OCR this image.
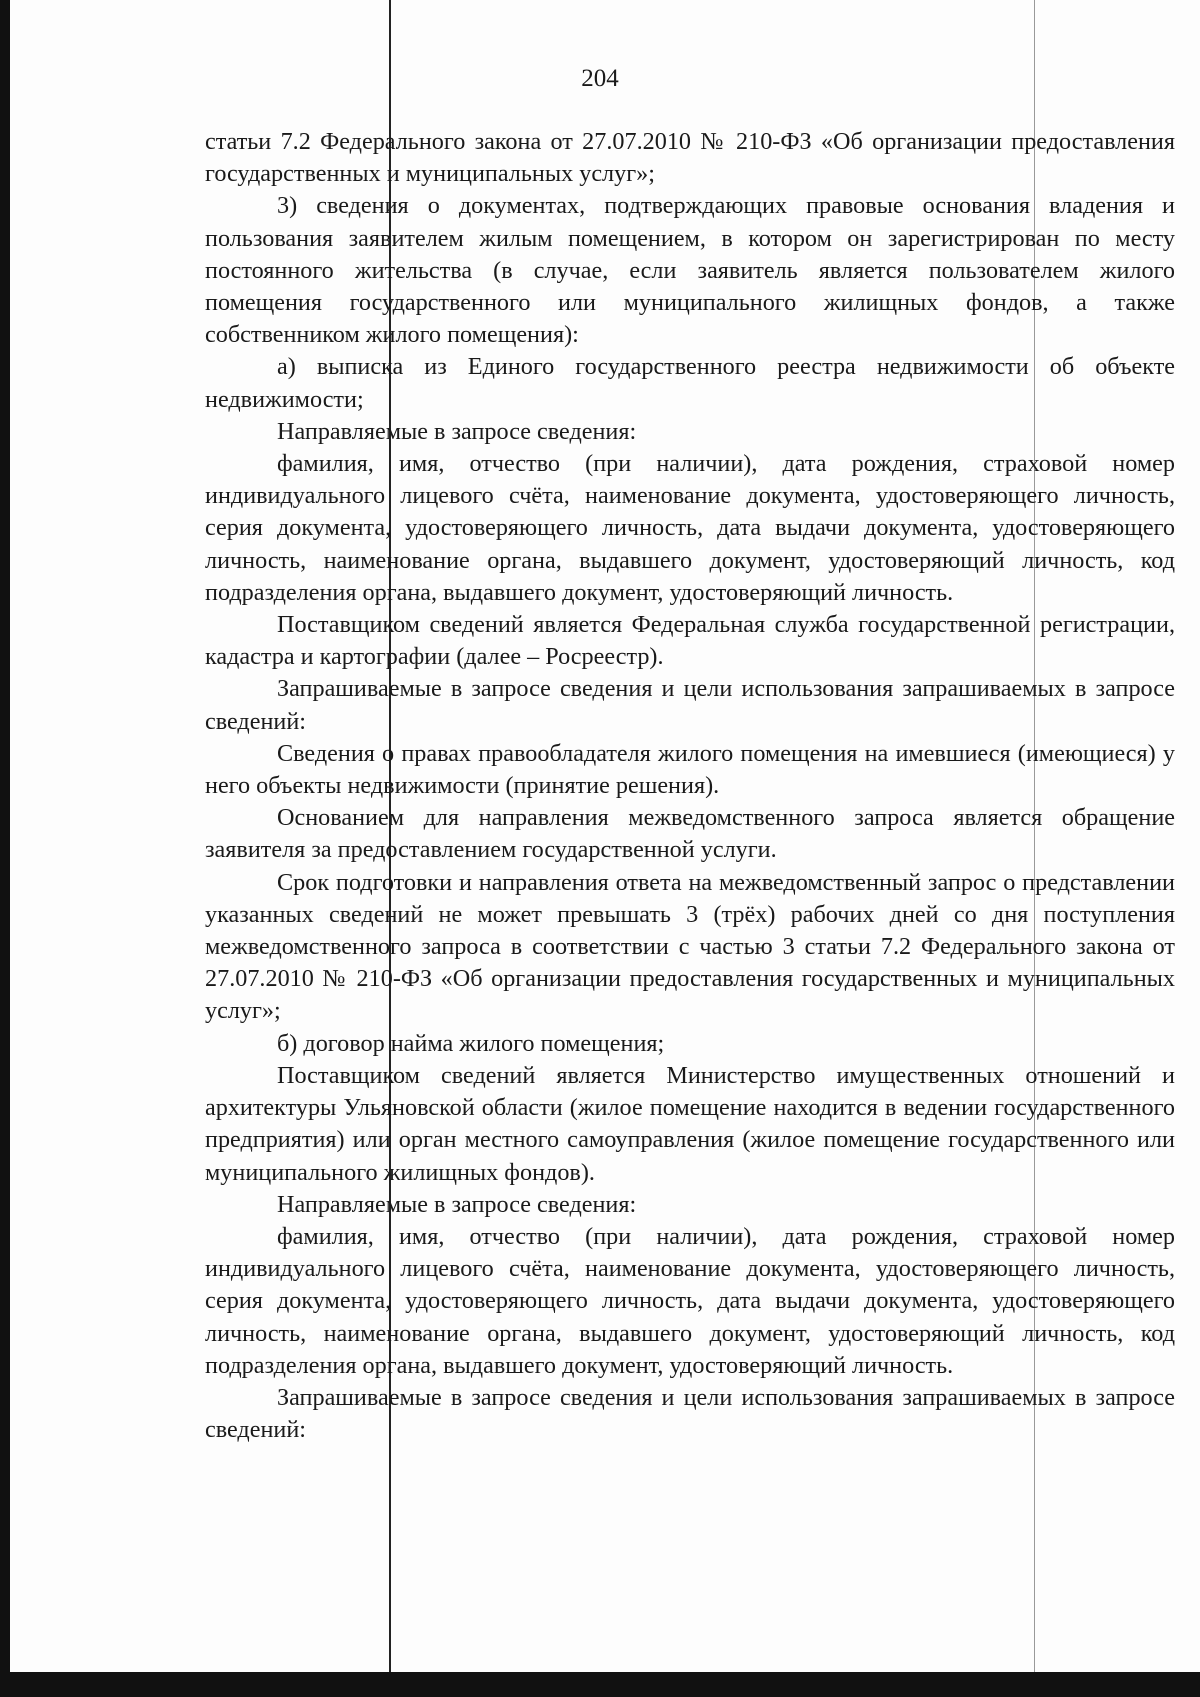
204

статьи 7.2 Федерального закона от 27.07.2010 № 210-ФЗ «Об организации предоставления государственных и муниципальных услуг»;

3) сведения о документах, подтверждающих правовые основания владения и пользования заявителем жилым помещением, в котором он зарегистрирован по месту постоянного жительства (в случае, если заявитель является пользователем жилого помещения государственного или муниципального жилищных фондов, а также собственником жилого помещения):

а) выписка из Единого государственного реестра недвижимости об объекте недвижимости;

Направляемые в запросе сведения:

фамилия, имя, отчество (при наличии), дата рождения, страховой номер индивидуального лицевого счёта, наименование документа, удостоверяющего личность, серия документа, удостоверяющего личность, дата выдачи документа, удостоверяющего личность, наименование органа, выдавшего документ, удостоверяющий личность, код подразделения органа, выдавшего документ, удостоверяющий личность.

Поставщиком сведений является Федеральная служба государственной регистрации, кадастра и картографии (далее – Росреестр).

Запрашиваемые в запросе сведения и цели использования запрашиваемых в запросе сведений:

Сведения о правах правообладателя жилого помещения на имевшиеся (имеющиеся) у него объекты недвижимости (принятие решения).

Основанием для направления межведомственного запроса является обращение заявителя за предоставлением государственной услуги.

Срок подготовки и направления ответа на межведомственный запрос о представлении указанных сведений не может превышать 3 (трёх) рабочих дней со дня поступления межведомственного запроса в соответствии с частью 3 статьи 7.2 Федерального закона от 27.07.2010 № 210-ФЗ «Об организации предоставления государственных и муниципальных услуг»;

б) договор найма жилого помещения;

Поставщиком сведений является Министерство имущественных отношений и архитектуры Ульяновской области (жилое помещение находится в ведении государственного предприятия) или орган местного самоуправления (жилое помещение государственного или муниципального жилищных фондов).

Направляемые в запросе сведения:

фамилия, имя, отчество (при наличии), дата рождения, страховой номер индивидуального лицевого счёта, наименование документа, удостоверяющего личность, серия документа, удостоверяющего личность, дата выдачи документа, удостоверяющего личность, наименование органа, выдавшего документ, удостоверяющий личность, код подразделения органа, выдавшего документ, удостоверяющий личность.

Запрашиваемые в запросе сведения и цели использования запрашиваемых в запросе сведений:
